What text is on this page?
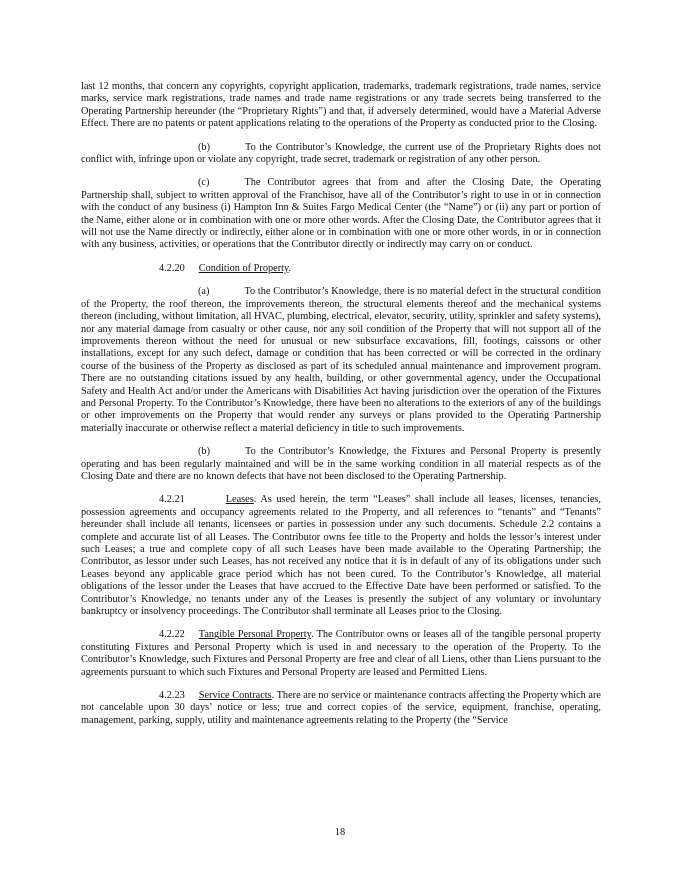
last 12 months, that concern any copyrights, copyright application, trademarks, trademark registrations, trade names, service marks, service mark registrations, trade names and trade name registrations or any trade secrets being transferred to the Operating Partnership hereunder (the “Proprietary Rights”) and that, if adversely determined, would have a Material Adverse Effect. There are no patents or patent applications relating to the operations of the Property as conducted prior to the Closing.

(b)	To the Contributor’s Knowledge, the current use of the Proprietary Rights does not conflict with, infringe upon or violate any copyright, trade secret, trademark or registration of any other person.

(c)	The Contributor agrees that from and after the Closing Date, the Operating Partnership shall, subject to written approval of the Franchisor, have all of the Contributor’s right to use in or in connection with the conduct of any business (i) Hampton Inn & Suites Fargo Medical Center (the “Name”) or (ii) any part or portion of the Name, either alone or in combination with one or more other words. After the Closing Date, the Contributor agrees that it will not use the Name directly or indirectly, either alone or in combination with one or more other words, in or in connection with any business, activities, or operations that the Contributor directly or indirectly may carry on or conduct.

4.2.20 Condition of Property.

(a)	To the Contributor’s Knowledge, there is no material defect in the structural condition of the Property, the roof thereon, the improvements thereon, the structural elements thereof and the mechanical systems thereon (including, without limitation, all HVAC, plumbing, electrical, elevator, security, utility, sprinkler and safety systems), nor any material damage from casualty or other cause, nor any soil condition of the Property that will not support all of the improvements thereon without the need for unusual or new subsurface excavations, fill, footings, caissons or other installations, except for any such defect, damage or condition that has been corrected or will be corrected in the ordinary course of the business of the Property as disclosed as part of its scheduled annual maintenance and improvement program. There are no outstanding citations issued by any health, building, or other governmental agency, under the Occupational Safety and Health Act and/or under the Americans with Disabilities Act having jurisdiction over the operation of the Fixtures and Personal Property. To the Contributor’s Knowledge, there have been no alterations to the exteriors of any of the buildings or other improvements on the Property that would render any surveys or plans provided to the Operating Partnership materially inaccurate or otherwise reflect a material deficiency in title to such improvements.

(b)	To the Contributor’s Knowledge, the Fixtures and Personal Property is presently operating and has been regularly maintained and will be in the same working condition in all material respects as of the Closing Date and there are no known defects that have not been disclosed to the Operating Partnership.

4.2.21	Leases. As used herein, the term “Leases” shall include all leases, licenses, tenancies, possession agreements and occupancy agreements related to the Property, and all references to “tenants” and “Tenants” hereunder shall include all tenants, licensees or parties in possession under any such documents. Schedule 2.2 contains a complete and accurate list of all Leases. The Contributor owns fee title to the Property and holds the lessor’s interest under such Leases; a true and complete copy of all such Leases have been made available to the Operating Partnership; the Contributor, as lessor under such Leases, has not received any notice that it is in default of any of its obligations under such Leases beyond any applicable grace period which has not been cured. To the Contributor’s Knowledge, all material obligations of the lessor under the Leases that have accrued to the Effective Date have been performed or satisfied. To the Contributor’s Knowledge, no tenants under any of the Leases is presently the subject of any voluntary or involuntary bankruptcy or insolvency proceedings. The Contributor shall terminate all Leases prior to the Closing.

4.2.22 Tangible Personal Property. The Contributor owns or leases all of the tangible personal property constituting Fixtures and Personal Property which is used in and necessary to the operation of the Property. To the Contributor’s Knowledge, such Fixtures and Personal Property are free and clear of all Liens, other than Liens pursuant to the agreements pursuant to which such Fixtures and Personal Property are leased and Permitted Liens.

4.2.23 Service Contracts. There are no service or maintenance contracts affecting the Property which are not cancelable upon 30 days’ notice or less; true and correct copies of the service, equipment, franchise, operating, management, parking, supply, utility and maintenance agreements relating to the Property (the “Service

18
